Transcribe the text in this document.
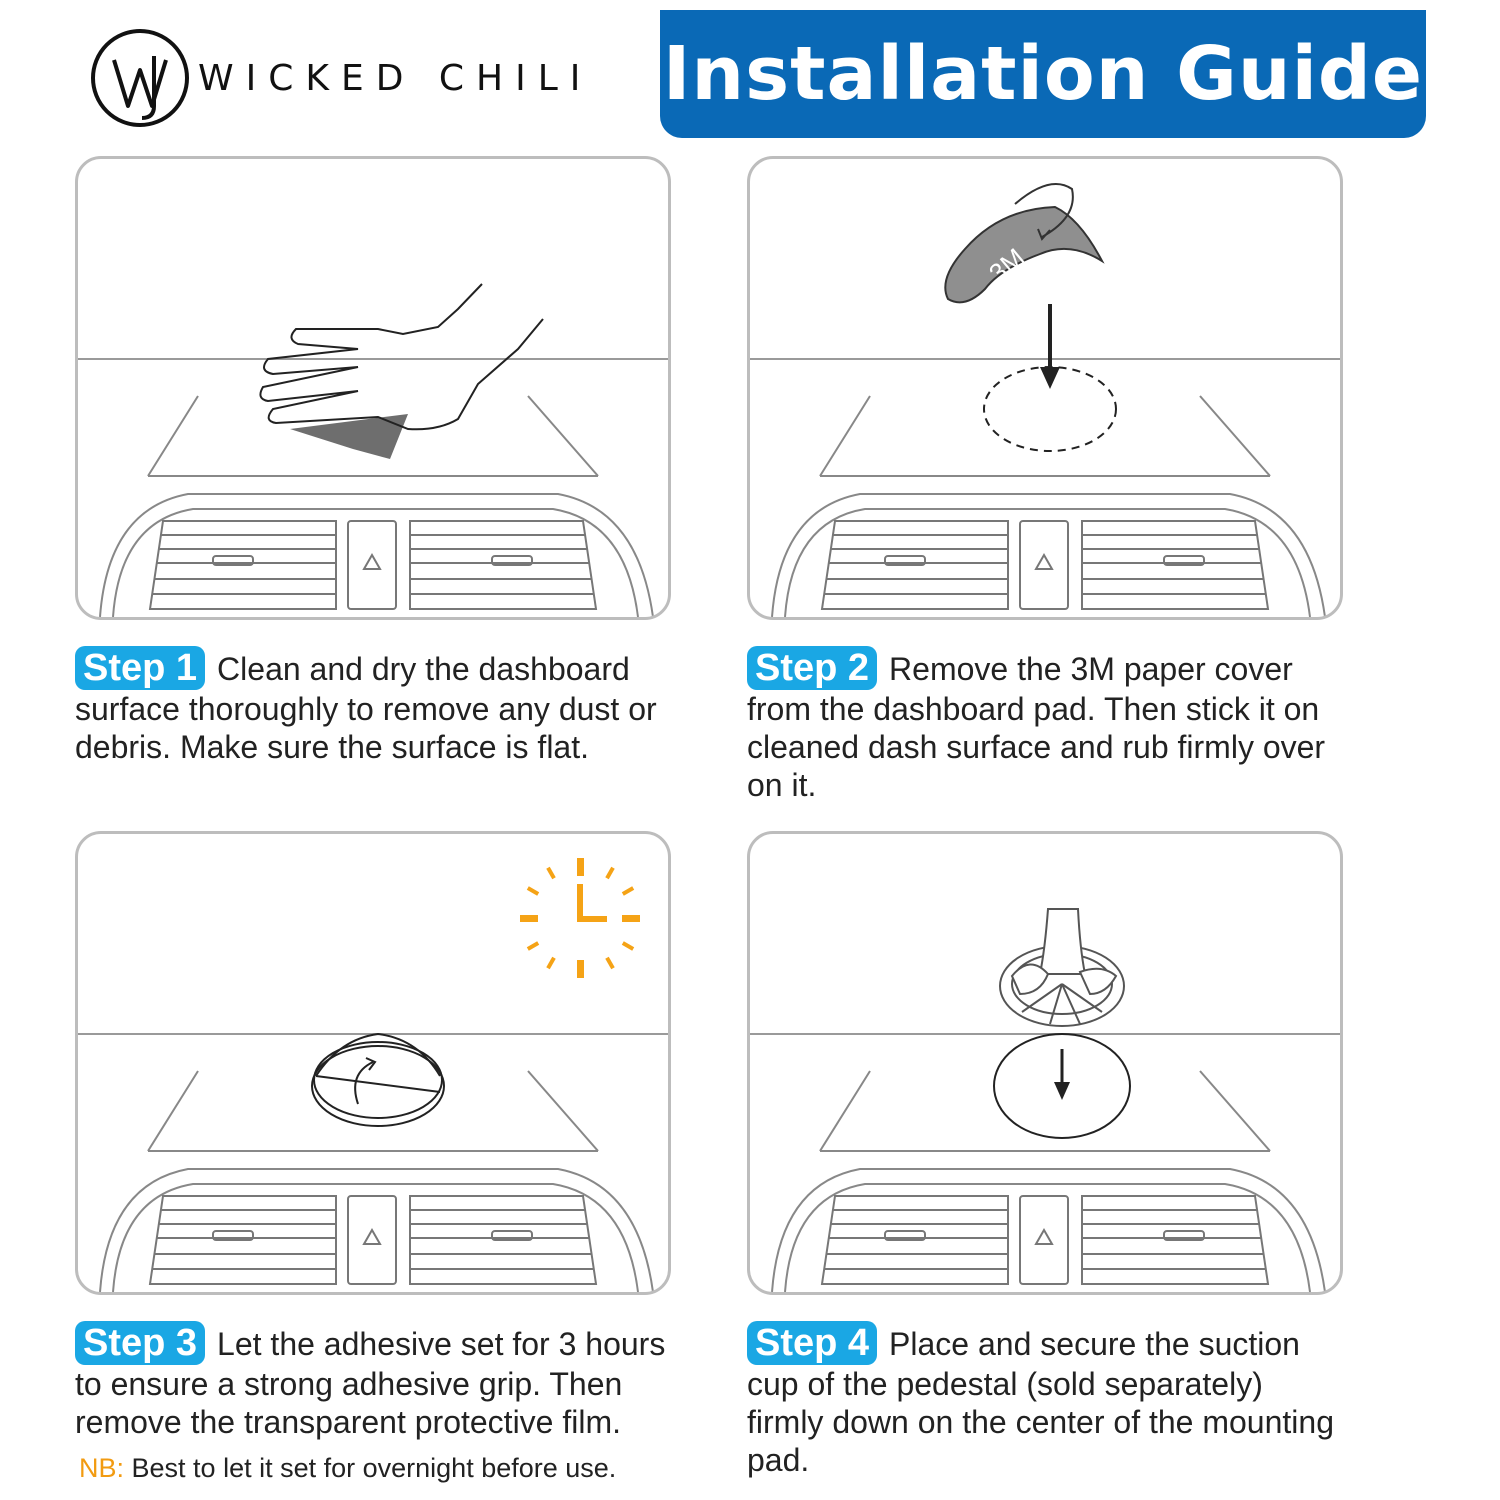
WICKED CHILI Installation Guide
Step 1 Clean and dry the dashboard surface thoroughly to remove any dust or debris. Make sure the surface is flat.
3M
Step 2 Remove the 3M paper cover from the dashboard pad. Then stick it on cleaned dash surface and rub firmly over on it.
Step 3 Let the adhesive set for 3 hours to ensure a strong adhesive grip. Then remove the transparent protective film.
NB: Best to let it set for overnight before use.
Step 4 Place and secure the suction cup of the pedestal (sold separately) firmly down on the center of the mounting pad.
